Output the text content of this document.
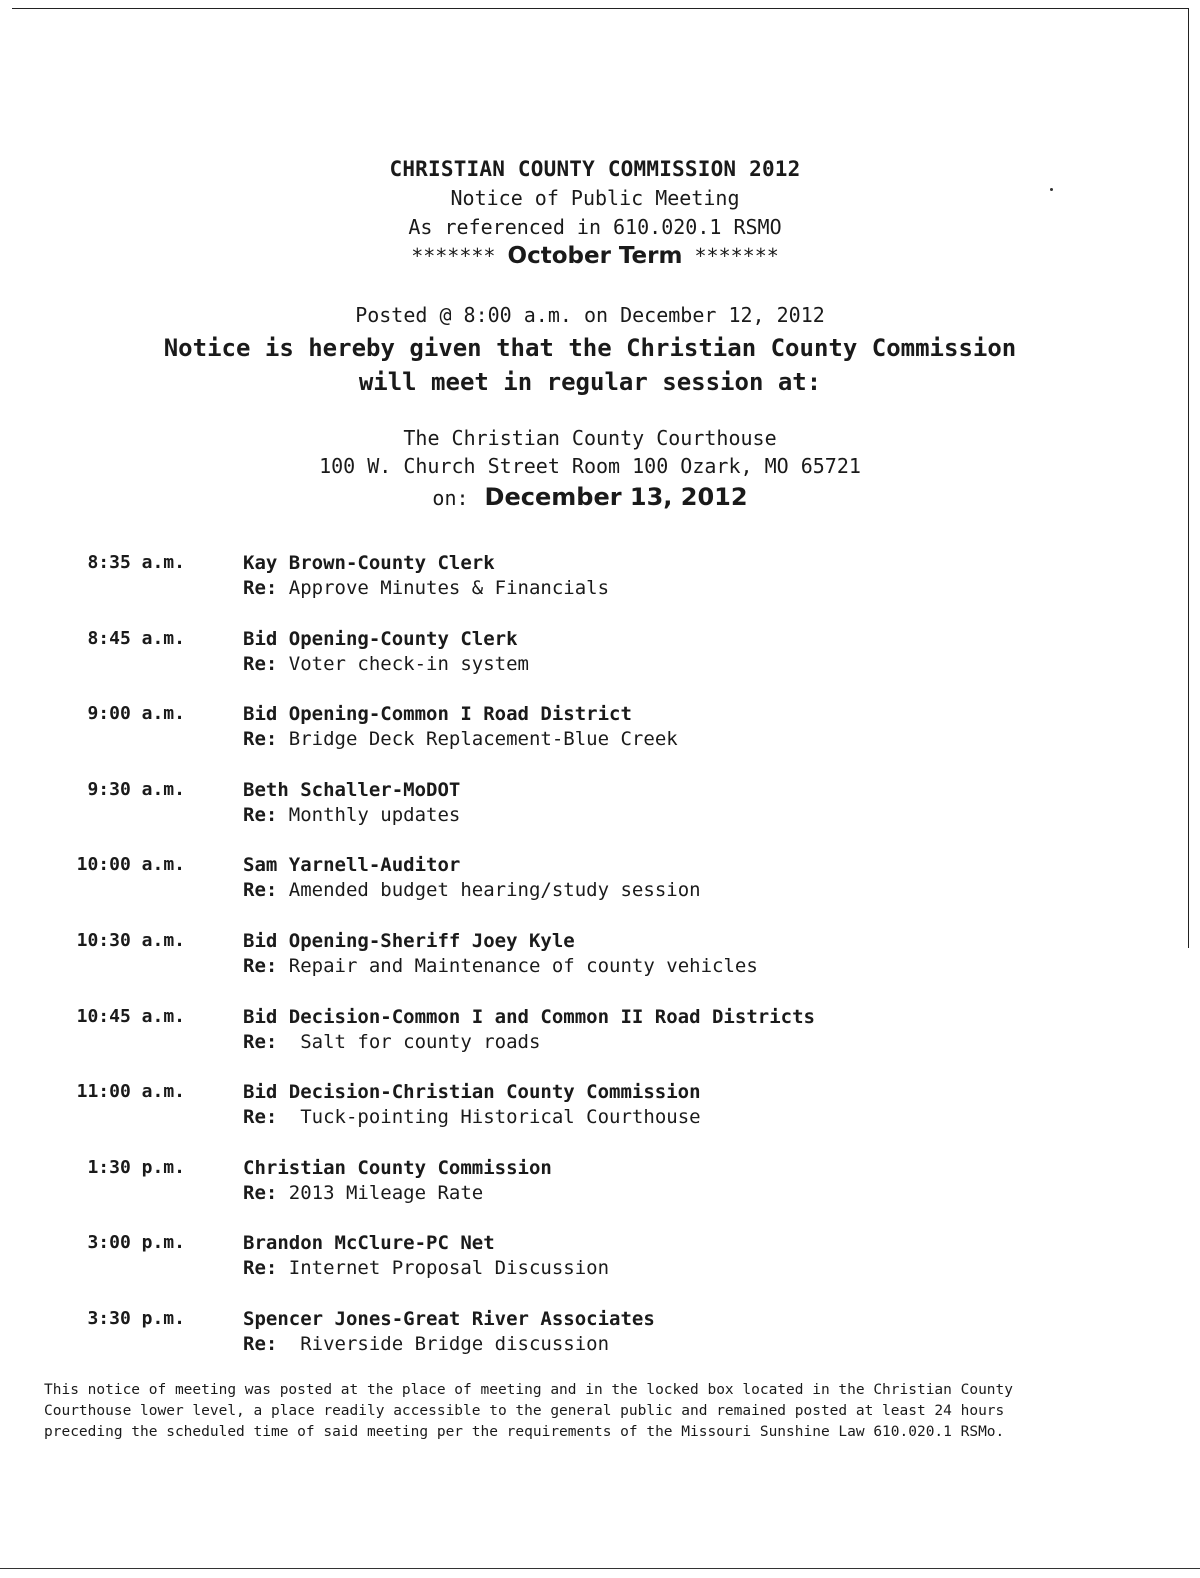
CHRISTIAN COUNTY COMMISSION 2012
Notice of Public Meeting
As referenced in 610.020.1 RSMO
******* October Term *******
Posted @ 8:00 a.m. on December 12, 2012
Notice is hereby given that the Christian County Commission
will meet in regular session at:
The Christian County Courthouse
100 W. Church Street Room 100 Ozark, MO 65721
on: December 13, 2012
8:35 a.m.	Kay Brown-County Clerk
Re: Approve Minutes & Financials
8:45 a.m.	Bid Opening-County Clerk
Re: Voter check-in system
9:00 a.m.	Bid Opening-Common I Road District
Re: Bridge Deck Replacement-Blue Creek
9:30 a.m.	Beth Schaller-MoDOT
Re: Monthly updates
10:00 a.m.	Sam Yarnell-Auditor
Re: Amended budget hearing/study session
10:30 a.m.	Bid Opening-Sheriff Joey Kyle
Re: Repair and Maintenance of county vehicles
10:45 a.m.	Bid Decision-Common I and Common II Road Districts
Re:  Salt for county roads
11:00 a.m.	Bid Decision-Christian County Commission
Re:  Tuck-pointing Historical Courthouse
1:30 p.m.	Christian County Commission
Re: 2013 Mileage Rate
3:00 p.m.	Brandon McClure-PC Net
Re: Internet Proposal Discussion
3:30 p.m.	Spencer Jones-Great River Associates
Re:  Riverside Bridge discussion
This notice of meeting was posted at the place of meeting and in the locked box located in the Christian County
Courthouse lower level, a place readily accessible to the general public and remained posted at least 24 hours
preceding the scheduled time of said meeting per the requirements of the Missouri Sunshine Law 610.020.1 RSMo.
